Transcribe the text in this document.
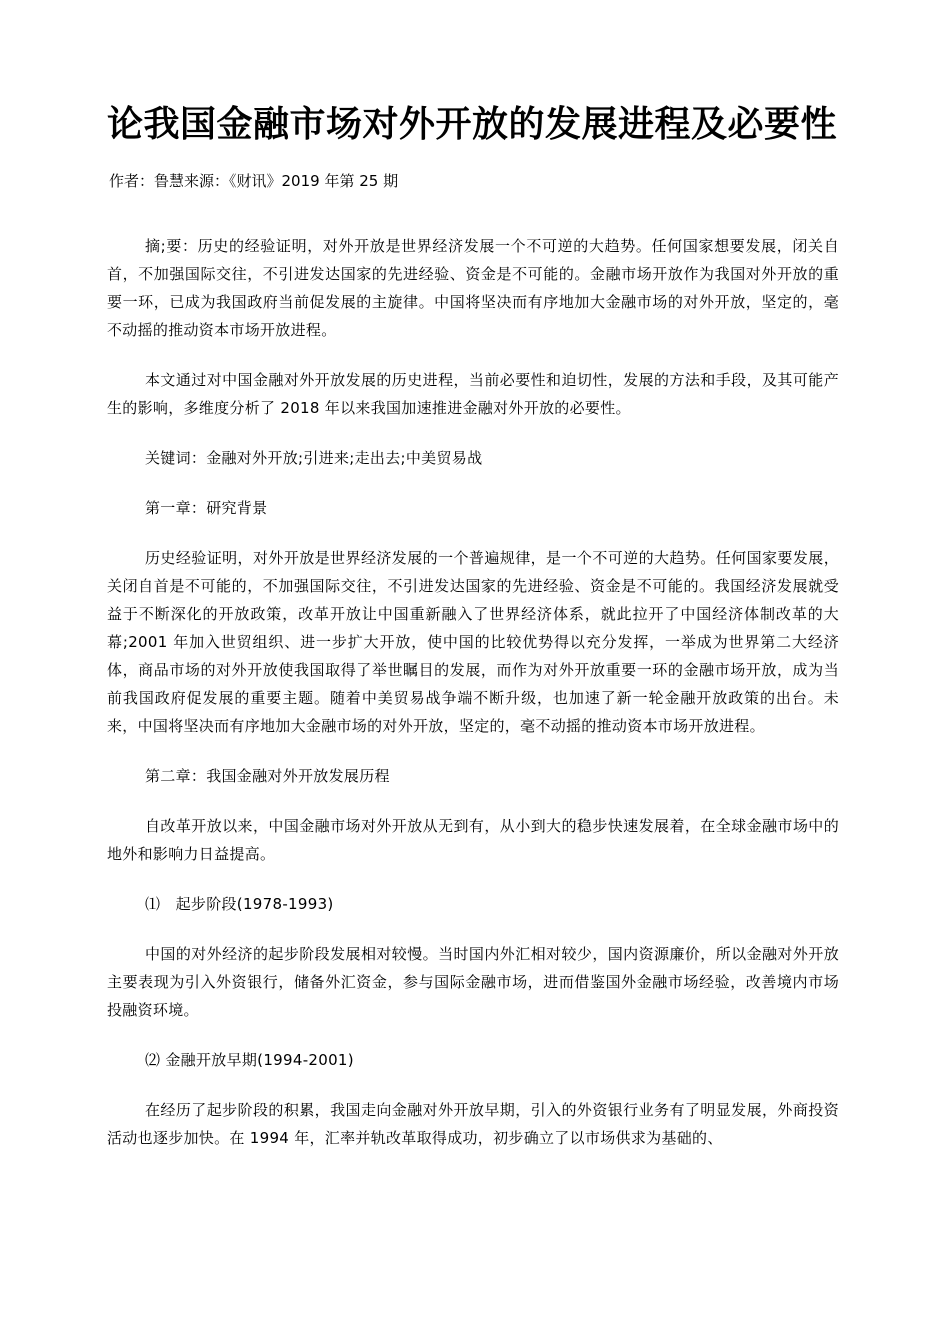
论我国金融市场对外开放的发展进程及必要性作者：鲁慧来源：《财讯》2019 年第 25 期

摘;要：历史的经验证明，对外开放是世界经济发展一个不可逆的大趋势。任何国家想要发展，闭关自首，不加强国际交往，不引进发达国家的先进经验、资金是不可能的。金融市场开放作为我国对外开放的重要一环，已成为我国政府当前促发展的主旋律。中国将坚决而有序地加大金融市场的对外开放，坚定的，毫不动摇的推动资本市场开放进程。

本文通过对中国金融对外开放发展的历史进程，当前必要性和迫切性，发展的方法和手段，及其可能产生的影响，多维度分析了 2018 年以来我国加速推进金融对外开放的必要性。

关键词：金融对外开放;引进来;走出去;中美贸易战

第一章：研究背景

历史经验证明，对外开放是世界经济发展的一个普遍规律，是一个不可逆的大趋势。任何国家要发展，关闭自首是不可能的，不加强国际交往，不引进发达国家的先进经验、资金是不可能的。我国经济发展就受益于不断深化的开放政策，改革开放让中国重新融入了世界经济体系，就此拉开了中国经济体制改革的大幕;2001 年加入世贸组织、进一步扩大开放，使中国的比较优势得以充分发挥，一举成为世界第二大经济体，商品市场的对外开放使我国取得了举世瞩目的发展，而作为对外开放重要一环的金融市场开放，成为当前我国政府促发展的重要主题。随着中美贸易战争端不断升级，也加速了新一轮金融开放政策的出台。未来，中国将坚决而有序地加大金融市场的对外开放，坚定的，毫不动摇的推动资本市场开放进程。

第二章：我国金融对外开放发展历程

自改革开放以来，中国金融市场对外开放从无到有，从小到大的稳步快速发展着，在全球金融市场中的地外和影响力日益提高。

⑴　起步阶段(1978-1993)

中国的对外经济的起步阶段发展相对较慢。当时国内外汇相对较少，国内资源廉价，所以金融对外开放主要表现为引入外资银行，储备外汇资金，参与国际金融市场，进而借鉴国外金融市场经验，改善境内市场投融资环境。

⑵ 金融开放早期(1994-2001)

在经历了起步阶段的积累，我国走向金融对外开放早期，引入的外资银行业务有了明显发展，外商投资活动也逐步加快。在 1994 年，汇率并轨改革取得成功，初步确立了以市场供求为基础的、
